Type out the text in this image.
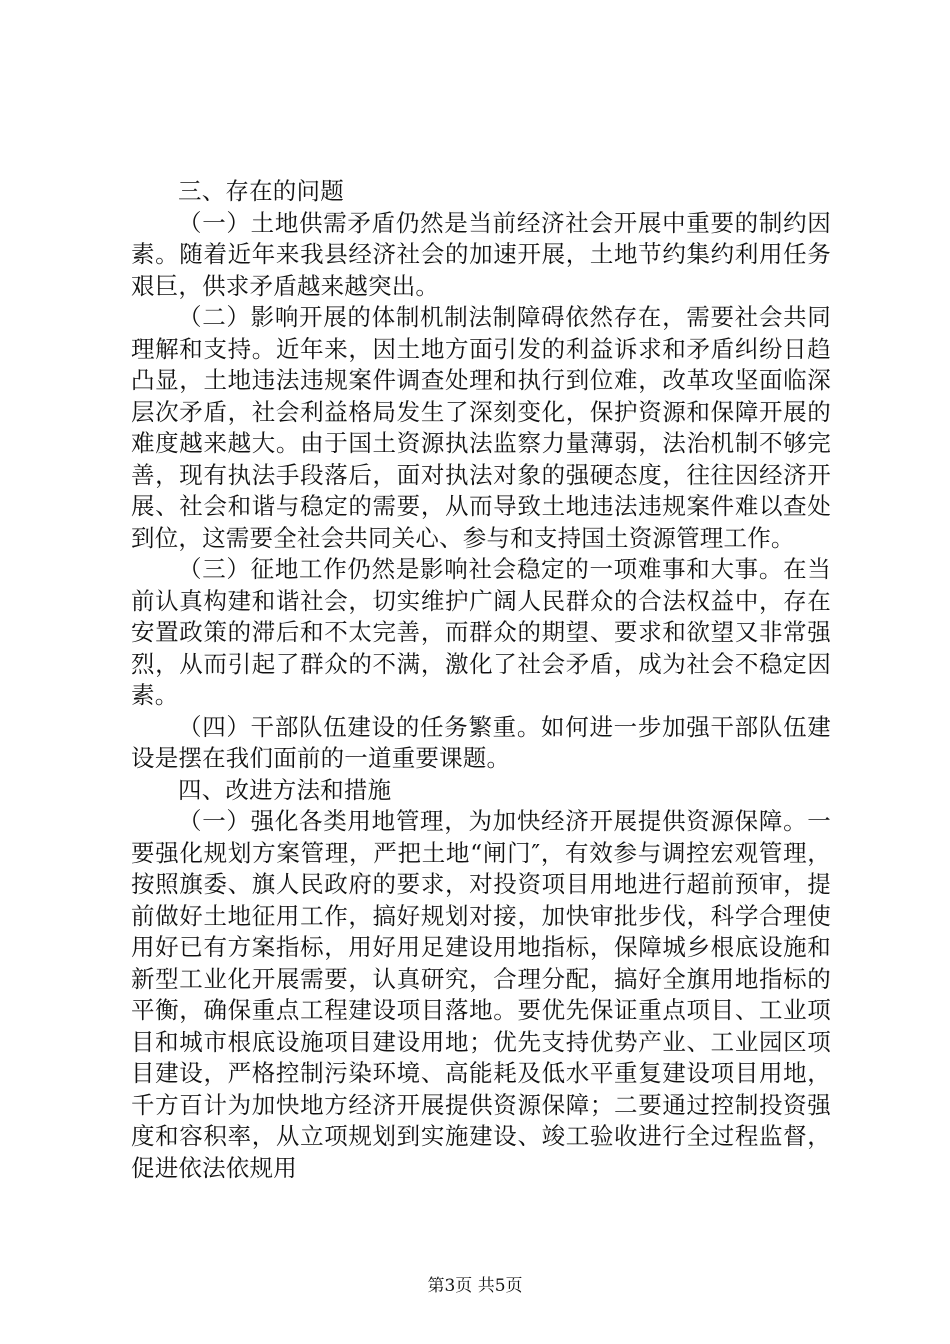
三、存在的问题

（一）土地供需矛盾仍然是当前经济社会开展中重要的制约因素。随着近年来我县经济社会的加速开展，土地节约集约利用任务艰巨，供求矛盾越来越突出。

（二）影响开展的体制机制法制障碍依然存在，需要社会共同理解和支持。近年来，因土地方面引发的利益诉求和矛盾纠纷日趋凸显，土地违法违规案件调查处理和执行到位难，改革攻坚面临深层次矛盾，社会利益格局发生了深刻变化，保护资源和保障开展的难度越来越大。由于国土资源执法监察力量薄弱，法治机制不够完善，现有执法手段落后，面对执法对象的强硬态度，往往因经济开展、社会和谐与稳定的需要，从而导致土地违法违规案件难以查处到位，这需要全社会共同关心、参与和支持国土资源管理工作。

（三）征地工作仍然是影响社会稳定的一项难事和大事。在当前认真构建和谐社会，切实维护广阔人民群众的合法权益中，存在安置政策的滞后和不太完善，而群众的期望、要求和欲望又非常强烈，从而引起了群众的不满，激化了社会矛盾，成为社会不稳定因素。

（四）干部队伍建设的任务繁重。如何进一步加强干部队伍建设是摆在我们面前的一道重要课题。

四、改进方法和措施

（一）强化各类用地管理，为加快经济开展提供资源保障。一要强化规划方案管理，严把土地“闸门″，有效参与调控宏观管理，按照旗委、旗人民政府的要求，对投资项目用地进行超前预审，提前做好土地征用工作，搞好规划对接，加快审批步伐，科学合理使用好已有方案指标，用好用足建设用地指标，保障城乡根底设施和新型工业化开展需要，认真研究，合理分配，搞好全旗用地指标的平衡，确保重点工程建设项目落地。要优先保证重点项目、工业项目和城市根底设施项目建设用地；优先支持优势产业、工业园区项目建设，严格控制污染环境、高能耗及低水平重复建设项目用地，千方百计为加快地方经济开展提供资源保障；二要通过控制投资强度和容积率，从立项规划到实施建设、竣工验收进行全过程监督，促进依法依规用

第3页 共5页
